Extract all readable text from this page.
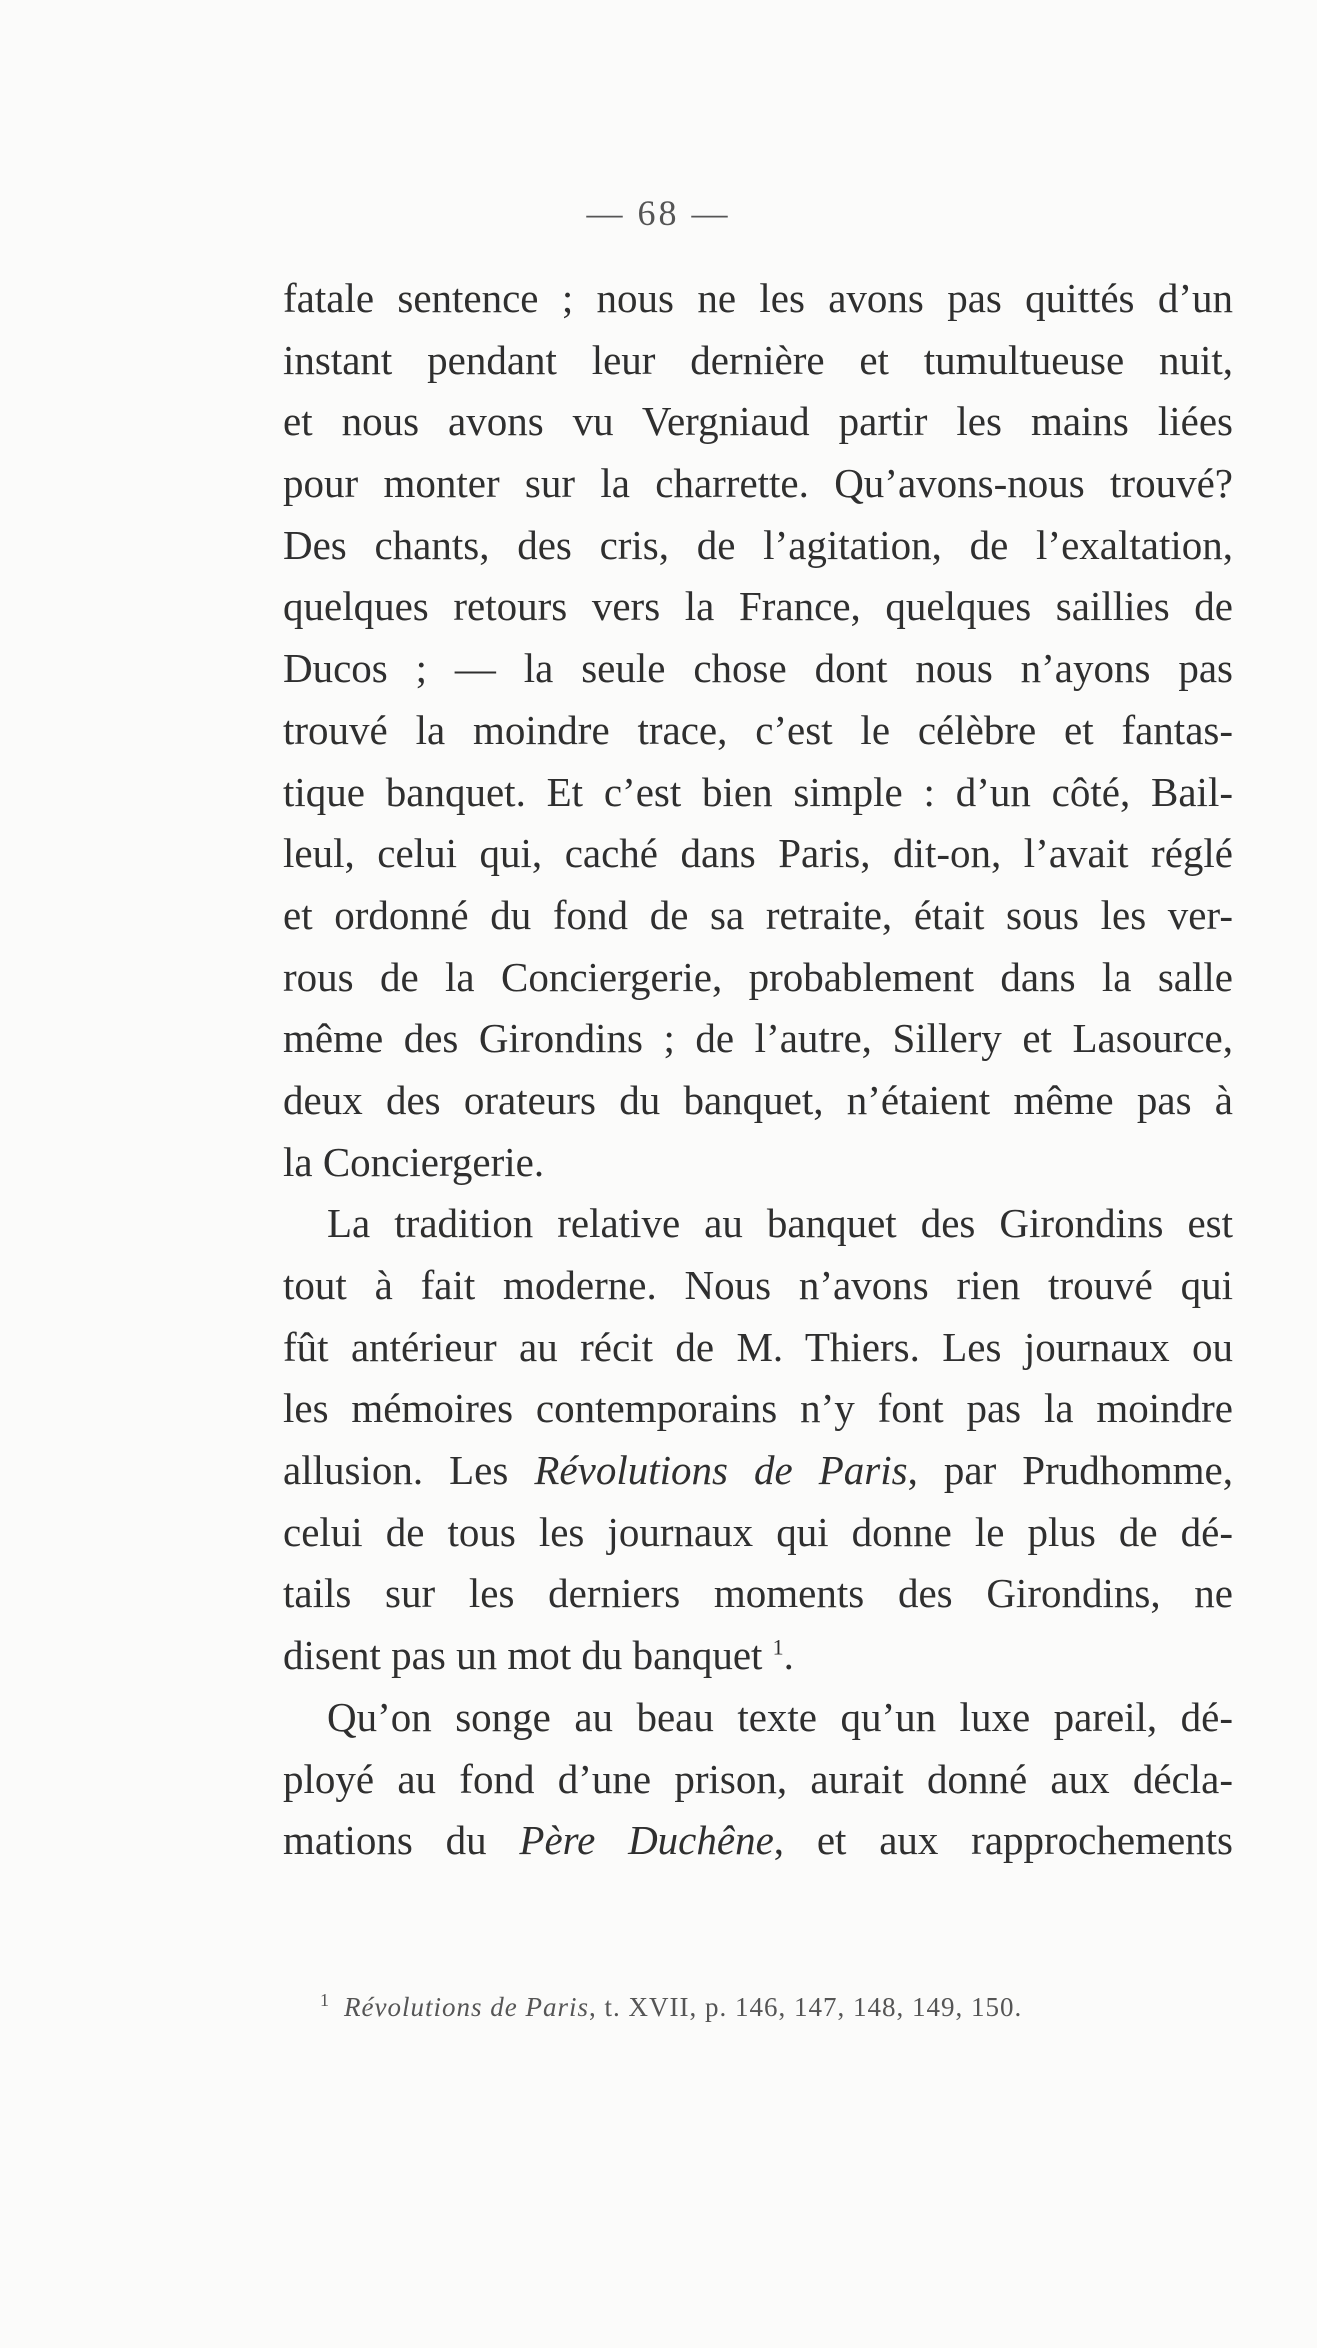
— 68 —
fatale sentence ; nous ne les avons pas quittés d’un
instant pendant leur dernière et tumultueuse nuit,
et nous avons vu Vergniaud partir les mains liées
pour monter sur la charrette. Qu’avons-nous trouvé?
Des chants, des cris, de l’agitation, de l’exaltation,
quelques retours vers la France, quelques saillies de
Ducos ; — la seule chose dont nous n’ayons pas
trouvé la moindre trace, c’est le célèbre et fantas-
tique banquet. Et c’est bien simple : d’un côté, Bail-
leul, celui qui, caché dans Paris, dit-on, l’avait réglé
et ordonné du fond de sa retraite, était sous les ver-
rous de la Conciergerie, probablement dans la salle
même des Girondins ; de l’autre, Sillery et Lasource,
deux des orateurs du banquet, n’étaient même pas à
la Conciergerie.
La tradition relative au banquet des Girondins est
tout à fait moderne. Nous n’avons rien trouvé qui
fût antérieur au récit de M. Thiers. Les journaux ou
les mémoires contemporains n’y font pas la moindre
allusion. Les Révolutions de Paris, par Prudhomme,
celui de tous les journaux qui donne le plus de dé-
tails sur les derniers moments des Girondins, ne
disent pas un mot du banquet $^1$.
Qu’on songe au beau texte qu’un luxe pareil, dé-
ployé au fond d’une prison, aurait donné aux décla-
mations du Père Duchêne, et aux rapprochements
$^1$ Révolutions de Paris, t. XVII, p. 146, 147, 148, 149, 150.
